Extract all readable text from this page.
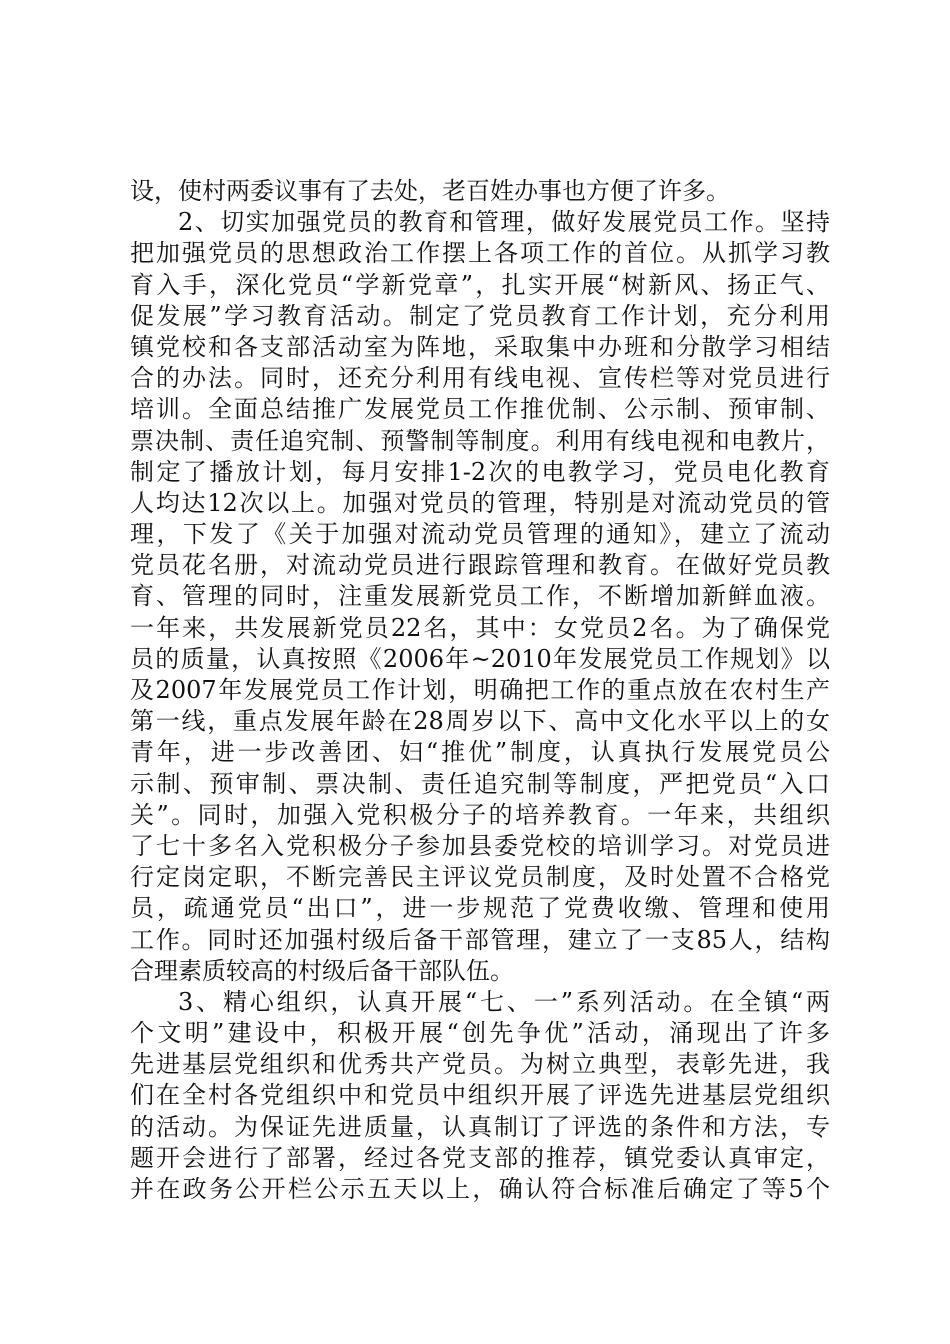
设，使村两委议事有了去处，老百姓办事也方便了许多。
2、切实加强党员的教育和管理，做好发展党员工作。坚持
把加强党员的思想政治工作摆上各项工作的首位。从抓学习教
育入手，深化党员“学新党章”，扎实开展“树新风、扬正气、
促发展”学习教育活动。制定了党员教育工作计划，充分利用
镇党校和各支部活动室为阵地，采取集中办班和分散学习相结
合的办法。同时，还充分利用有线电视、宣传栏等对党员进行
培训。全面总结推广发展党员工作推优制、公示制、预审制、
票决制、责任追究制、预警制等制度。利用有线电视和电教片，
制定了播放计划，每月安排1-2次的电教学习，党员电化教育
人均达12次以上。加强对党员的管理，特别是对流动党员的管
理，下发了《关于加强对流动党员管理的通知》，建立了流动
党员花名册，对流动党员进行跟踪管理和教育。在做好党员教
育、管理的同时，注重发展新党员工作，不断增加新鲜血液。
一年来，共发展新党员22名，其中：女党员2名。为了确保党
员的质量，认真按照《2006年~2010年发展党员工作规划》以
及2007年发展党员工作计划，明确把工作的重点放在农村生产
第一线，重点发展年龄在28周岁以下、高中文化水平以上的女
青年，进一步改善团、妇“推优”制度，认真执行发展党员公
示制、预审制、票决制、责任追究制等制度，严把党员“入口
关”。同时，加强入党积极分子的培养教育。一年来，共组织
了七十多名入党积极分子参加县委党校的培训学习。对党员进
行定岗定职，不断完善民主评议党员制度，及时处置不合格党
员，疏通党员“出口”，进一步规范了党费收缴、管理和使用
工作。同时还加强村级后备干部管理，建立了一支85人，结构
合理素质较高的村级后备干部队伍。
3、精心组织，认真开展“七、一”系列活动。在全镇“两
个文明”建设中，积极开展“创先争优”活动，涌现出了许多
先进基层党组织和优秀共产党员。为树立典型，表彰先进，我
们在全村各党组织中和党员中组织开展了评选先进基层党组织
的活动。为保证先进质量，认真制订了评选的条件和方法，专
题开会进行了部署，经过各党支部的推荐，镇党委认真审定，
并在政务公开栏公示五天以上，确认符合标准后确定了等5个
